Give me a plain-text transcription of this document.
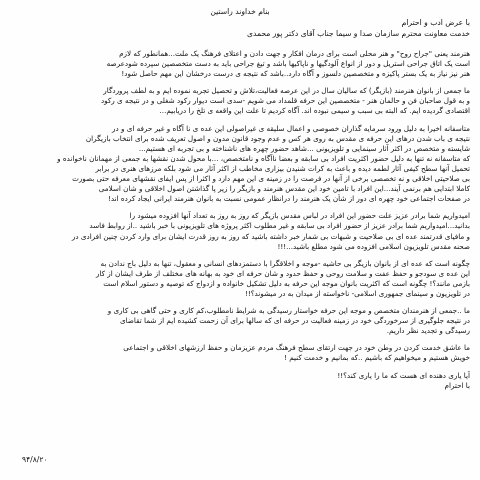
بنام خداوند راستین
با عرض ادب و احترام
خدمت معاونت محترم سازمان صدا و سیما جناب آقای دکتر پور محمدی
هنرمند یعنی "جراح روح" و هنر محلی است برای درمان افکار و جهت دادن و اعتلای فرهنگ یک ملت...همانطور که لازم
است یک اتاق جراحی استریل و دور از انواع آلودگیها و ناپاکیها باشد و تیغ جراحی باید به دست متخصصین سپرده شودعرصه
هنر نیز نیاز به یک بستر پاکیزه و متخصصین دلسوز و آگاه دارد..باشد که نتیجه ی درست درخشان این مهم حاصل شود!
ما جمعی از بانوان هنرمند (بازیگر) که سالیان سال در این عرصه فعالیت،تلاش و تحصیل تجربه نموده ایم و به لطف پروردگار
و به قول صاحبان فن و حالمان هنر - متخصصین این حرفه قلمداد می شویم -سدی است دیوار رکود شغلی و در نتیجه ی رکود
اقتصادی گردیده ایم. که البته بی سبب و سیمی نبوده اند. آگاه کردیم تا علت این واقعه ی تلخ را دریابیم...
متاسفانه اخیرا به دلیل ورود سرمایه گذاران خصوصی و اعمال سلیقه ی غیراصولی این عده ی نا آگاه و غیر حرفه ای و در
نتیجه ی باب شدن درهای این حرفه ی مقدس به روی هر کس و عدم وجود قانون مدون و اصول تعریف شده برای انتخاب بازیگران
شایسته و متخصص در اکثر آثار سینمایی و تلویزیونی ...شاهد حضور چهره های ناشناخته و بی تجربه ای هستیم...
که متاسفانه نه تنها به دلیل حضور اکثریت افراد بی سابقه و بعضا ناآگاه و نامتخصص، ...با محول شدن نقشها به جمعی از مهمانان ناخوانده و
تحمیل آنها سطح کیفی آثار لطمه دیده و باعث به کرات شنیدن بیزاری مخاطب از اکثر آثار می شود بلکه مرزهای هنری در برابر
بی صلاحیتی اخلاقی و نه تخصصی برخی از آنها در فرصت را در زمینه ی این مهم دارد و اکثرا از پس ایفای نقشهای معرفه حتی بصورت
کاملا ابتدایی هم برنمی آیند...این افراد با تامین خود این مقدس هنرمند و بازیگر را زیر پا گذاشتن اصول اخلاقی و شان اسلامی
در صفحات اجتماعی خود چهره ای دور از شأن یک هنرمند را درانظار عمومی نسبت به بانوان هنرمند ایرانی ایجاد کرده اند!
امیدواریم شما برادر عزیز علت حضور این افراد در لباس مقدس بازیگر که روز به روز به تعداد آنها افزوده میشود را
بدانید...امیدواریم شما برادر عزیز از حضور افراد بی سابقه و غیر مطلوب اکثر پروژه های تلویزیونی با خبر باشید ..از روابط فاسد
و مافیای قدرتمند عده ای بی صلاحیت و شبهات بی شمار خبر داشته باشید که روز به روز قدرت ایشان برای وارد کردن چنین افرادی در
صحنه مقدس تلویزیون اسلامی افزوده می شود مطلع باشید...!!!
چگونه است که عده ای از بانوان بازیگر بی حاشیه -موجه و اخلاقگرا با دستمزدهای انسانی و معقول، تنها به دلیل باج ندادن به
این عده ی سودجو و حفظ عفت و سلامت روحی و حفظ حدود و شان حرفه ای خود به بهانه های مختلف از طرف ایشان از کار
بازمی مانند؟! چگونه است که اکثریت بانوان موجه این حرفه به دلیل تشکیل خانواده و ازدواج که توصیه و دستور اسلام است
در تلویزیون و سینمای جمهوری اسلامی- ناخواسته از میدان به در میشوند؟!!
ما ..جمعی از هنرمندان متخصص و موجه این حرفه خواستار رسیدگی به شرایط نامطلوب،کم کاری و حتی گاهی بی کاری و
در نتیجه جلوگیری از سرخوردگی خود در زمینه فعالیت در حرفه ای که سالها برای آن زحمت کشیده ایم از شما تقاضای
رسیدگی و تجدید نظر داریم.
ما عاشق خدمت کردن در وطن خود در جهت ارتقای سطح فرهنگ مردم عزیزمان و حفظ ارزشهای اخلاقی و اجتماعی
خویش هستیم و میخواهیم که باشیم ..که بمانیم و خدمت کنیم !
آیا یاری دهنده ای هست که ما را یاری کند؟!!
با احترام
۹۴/۸/۲۰
